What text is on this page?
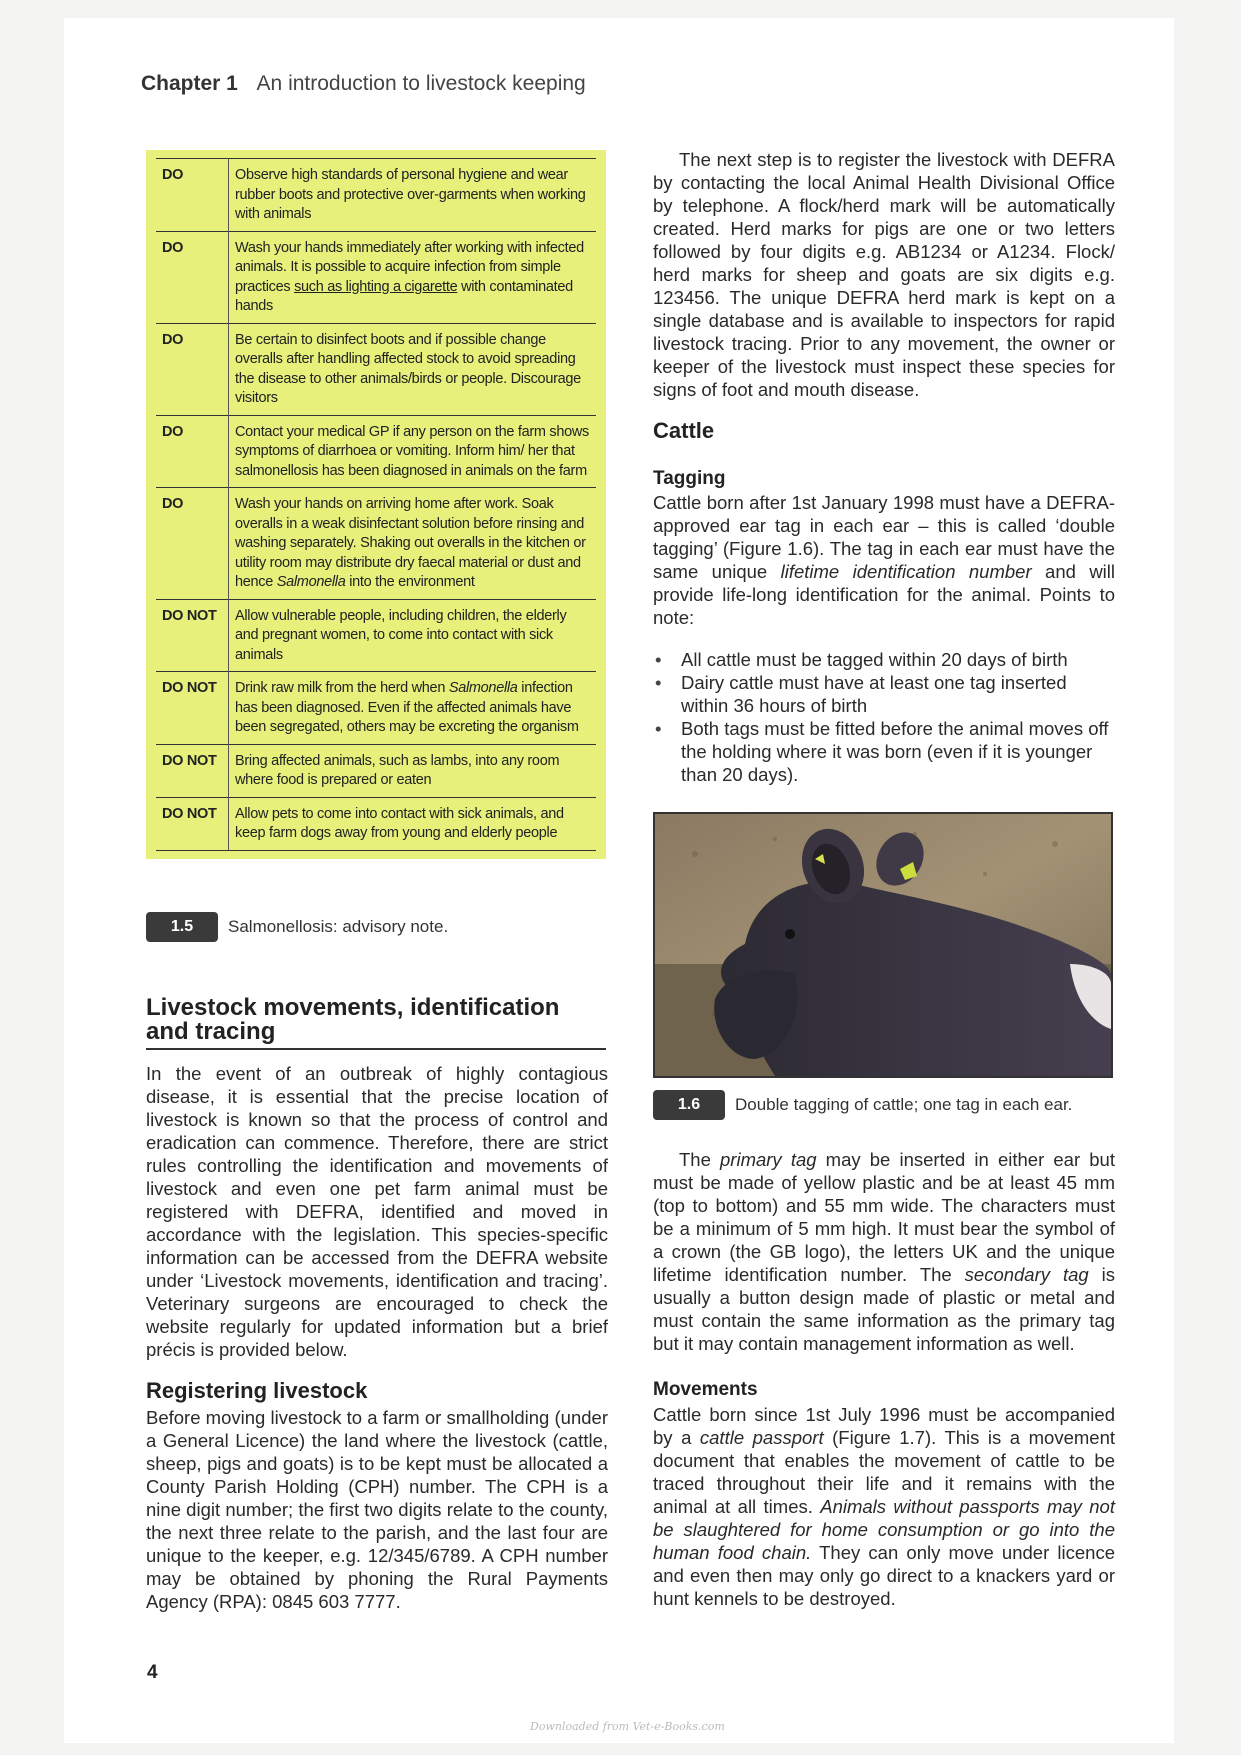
Chapter 1 An introduction to livestock keeping
DO	Observe high standards of personal hygiene and wear rubber boots and protective over-garments when working with animals
DO	Wash your hands immediately after working with infected animals. It is possible to acquire infection from simple practices such as lighting a cigarette with contaminated hands
DO	Be certain to disinfect boots and if possible change overalls after handling affected stock to avoid spreading the disease to other animals/birds or people. Discourage visitors
DO	Contact your medical GP if any person on the farm shows symptoms of diarrhoea or vomiting. Inform him/ her that salmonellosis has been diagnosed in animals on the farm
DO	Wash your hands on arriving home after work. Soak overalls in a weak disinfectant solution before rinsing and washing separately. Shaking out overalls in the kitchen or utility room may distribute dry faecal material or dust and hence Salmonella into the environment
DO NOT	Allow vulnerable people, including children, the elderly and pregnant women, to come into contact with sick animals
DO NOT	Drink raw milk from the herd when Salmonella infection has been diagnosed. Even if the affected animals have been segregated, others may be excreting the organism
DO NOT	Bring affected animals, such as lambs, into any room where food is prepared or eaten
DO NOT	Allow pets to come into contact with sick animals, and keep farm dogs away from young and elderly people
1.5	Salmonellosis: advisory note.
Livestock movements, identification
and tracing

In the event of an outbreak of highly contagious disease, it is essential that the precise location of livestock is known so that the process of control and eradication can commence. Therefore, there are strict rules controlling the identification and movements of livestock and even one pet farm animal must be registered with DEFRA, identified and moved in accordance with the legislation. This species-specific information can be accessed from the DEFRA website under ‘Livestock movements, identification and tracing’. Veterinary surgeons are encouraged to check the website regularly for updated information but a brief précis is provided below.

Registering livestock

Before moving livestock to a farm or smallholding (under a General Licence) the land where the livestock (cattle, sheep, pigs and goats) is to be kept must be allocated a County Parish Holding (CPH) number. The CPH is a nine digit number; the first two digits relate to the county, the next three relate to the parish, and the last four are unique to the keeper, e.g. 12/345/6789. A CPH number may be obtained by phoning the Rural Payments Agency (RPA): 0845 603 7777.

The next step is to register the livestock with DEFRA by contacting the local Animal Health Divisional Office by telephone. A flock/herd mark will be automatically created. Herd marks for pigs are one or two letters followed by four digits e.g. AB1234 or A1234. Flock/ herd marks for sheep and goats are six digits e.g. 123456. The unique DEFRA herd mark is kept on a single database and is available to inspectors for rapid livestock tracing. Prior to any movement, the owner or keeper of the livestock must inspect these species for signs of foot and mouth disease.

Cattle
Tagging

Cattle born after 1st January 1998 must have a DEFRA-approved ear tag in each ear – this is called ‘double tagging’ (Figure 1.6). The tag in each ear must have the same unique lifetime identification number and will provide life-long identification for the animal. Points to note:

• All cattle must be tagged within 20 days of birth
• Dairy cattle must have at least one tag inserted within 36 hours of birth
• Both tags must be fitted before the animal moves off the holding where it was born (even if it is younger than 20 days).
1.6	Double tagging of cattle; one tag in each ear.

The primary tag may be inserted in either ear but must be made of yellow plastic and be at least 45 mm (top to bottom) and 55 mm wide. The characters must be a minimum of 5 mm high. It must bear the symbol of a crown (the GB logo), the letters UK and the unique lifetime identification number. The secondary tag is usually a button design made of plastic or metal and must contain the same information as the primary tag but it may contain management information as well.

Movements

Cattle born since 1st July 1996 must be accompanied by a cattle passport (Figure 1.7). This is a movement document that enables the movement of cattle to be traced throughout their life and it remains with the animal at all times. Animals without passports may not be slaughtered for home consumption or go into the human food chain. They can only move under licence and even then may only go direct to a knackers yard or hunt kennels to be destroyed.

4
Downloaded from Vet-e-Books.com
